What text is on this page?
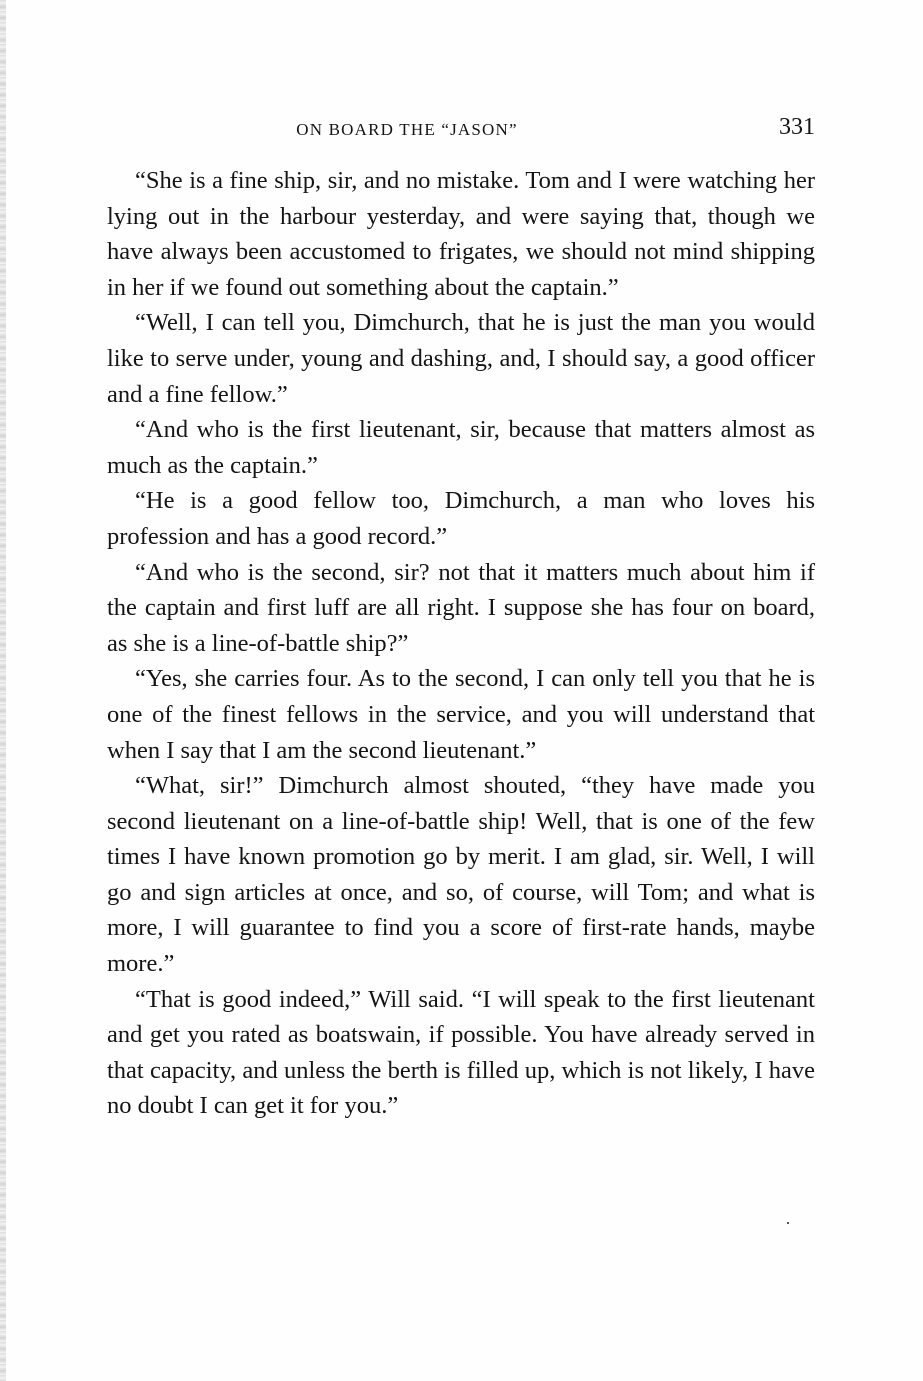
ON BOARD THE “JASON”	331

“She is a fine ship, sir, and no mistake. Tom and I were watching her lying out in the harbour yesterday, and were saying that, though we have always been accustomed to frigates, we should not mind shipping in her if we found out something about the captain.”

“Well, I can tell you, Dimchurch, that he is just the man you would like to serve under, young and dashing, and, I should say, a good officer and a fine fellow.”

“And who is the first lieutenant, sir, because that matters almost as much as the captain.”

“He is a good fellow too, Dimchurch, a man who loves his profession and has a good record.”

“And who is the second, sir? not that it matters much about him if the captain and first luff are all right. I suppose she has four on board, as she is a line-of-battle ship?”

“Yes, she carries four. As to the second, I can only tell you that he is one of the finest fellows in the service, and you will understand that when I say that I am the second lieutenant.”

“What, sir!” Dimchurch almost shouted, “they have made you second lieutenant on a line-of-battle ship! Well, that is one of the few times I have known promotion go by merit. I am glad, sir. Well, I will go and sign articles at once, and so, of course, will Tom; and what is more, I will guarantee to find you a score of first-rate hands, maybe more.”

“That is good indeed,” Will said. “I will speak to the first lieutenant and get you rated as boatswain, if possible. You have already served in that capacity, and unless the berth is filled up, which is not likely, I have no doubt I can get it for you.”
